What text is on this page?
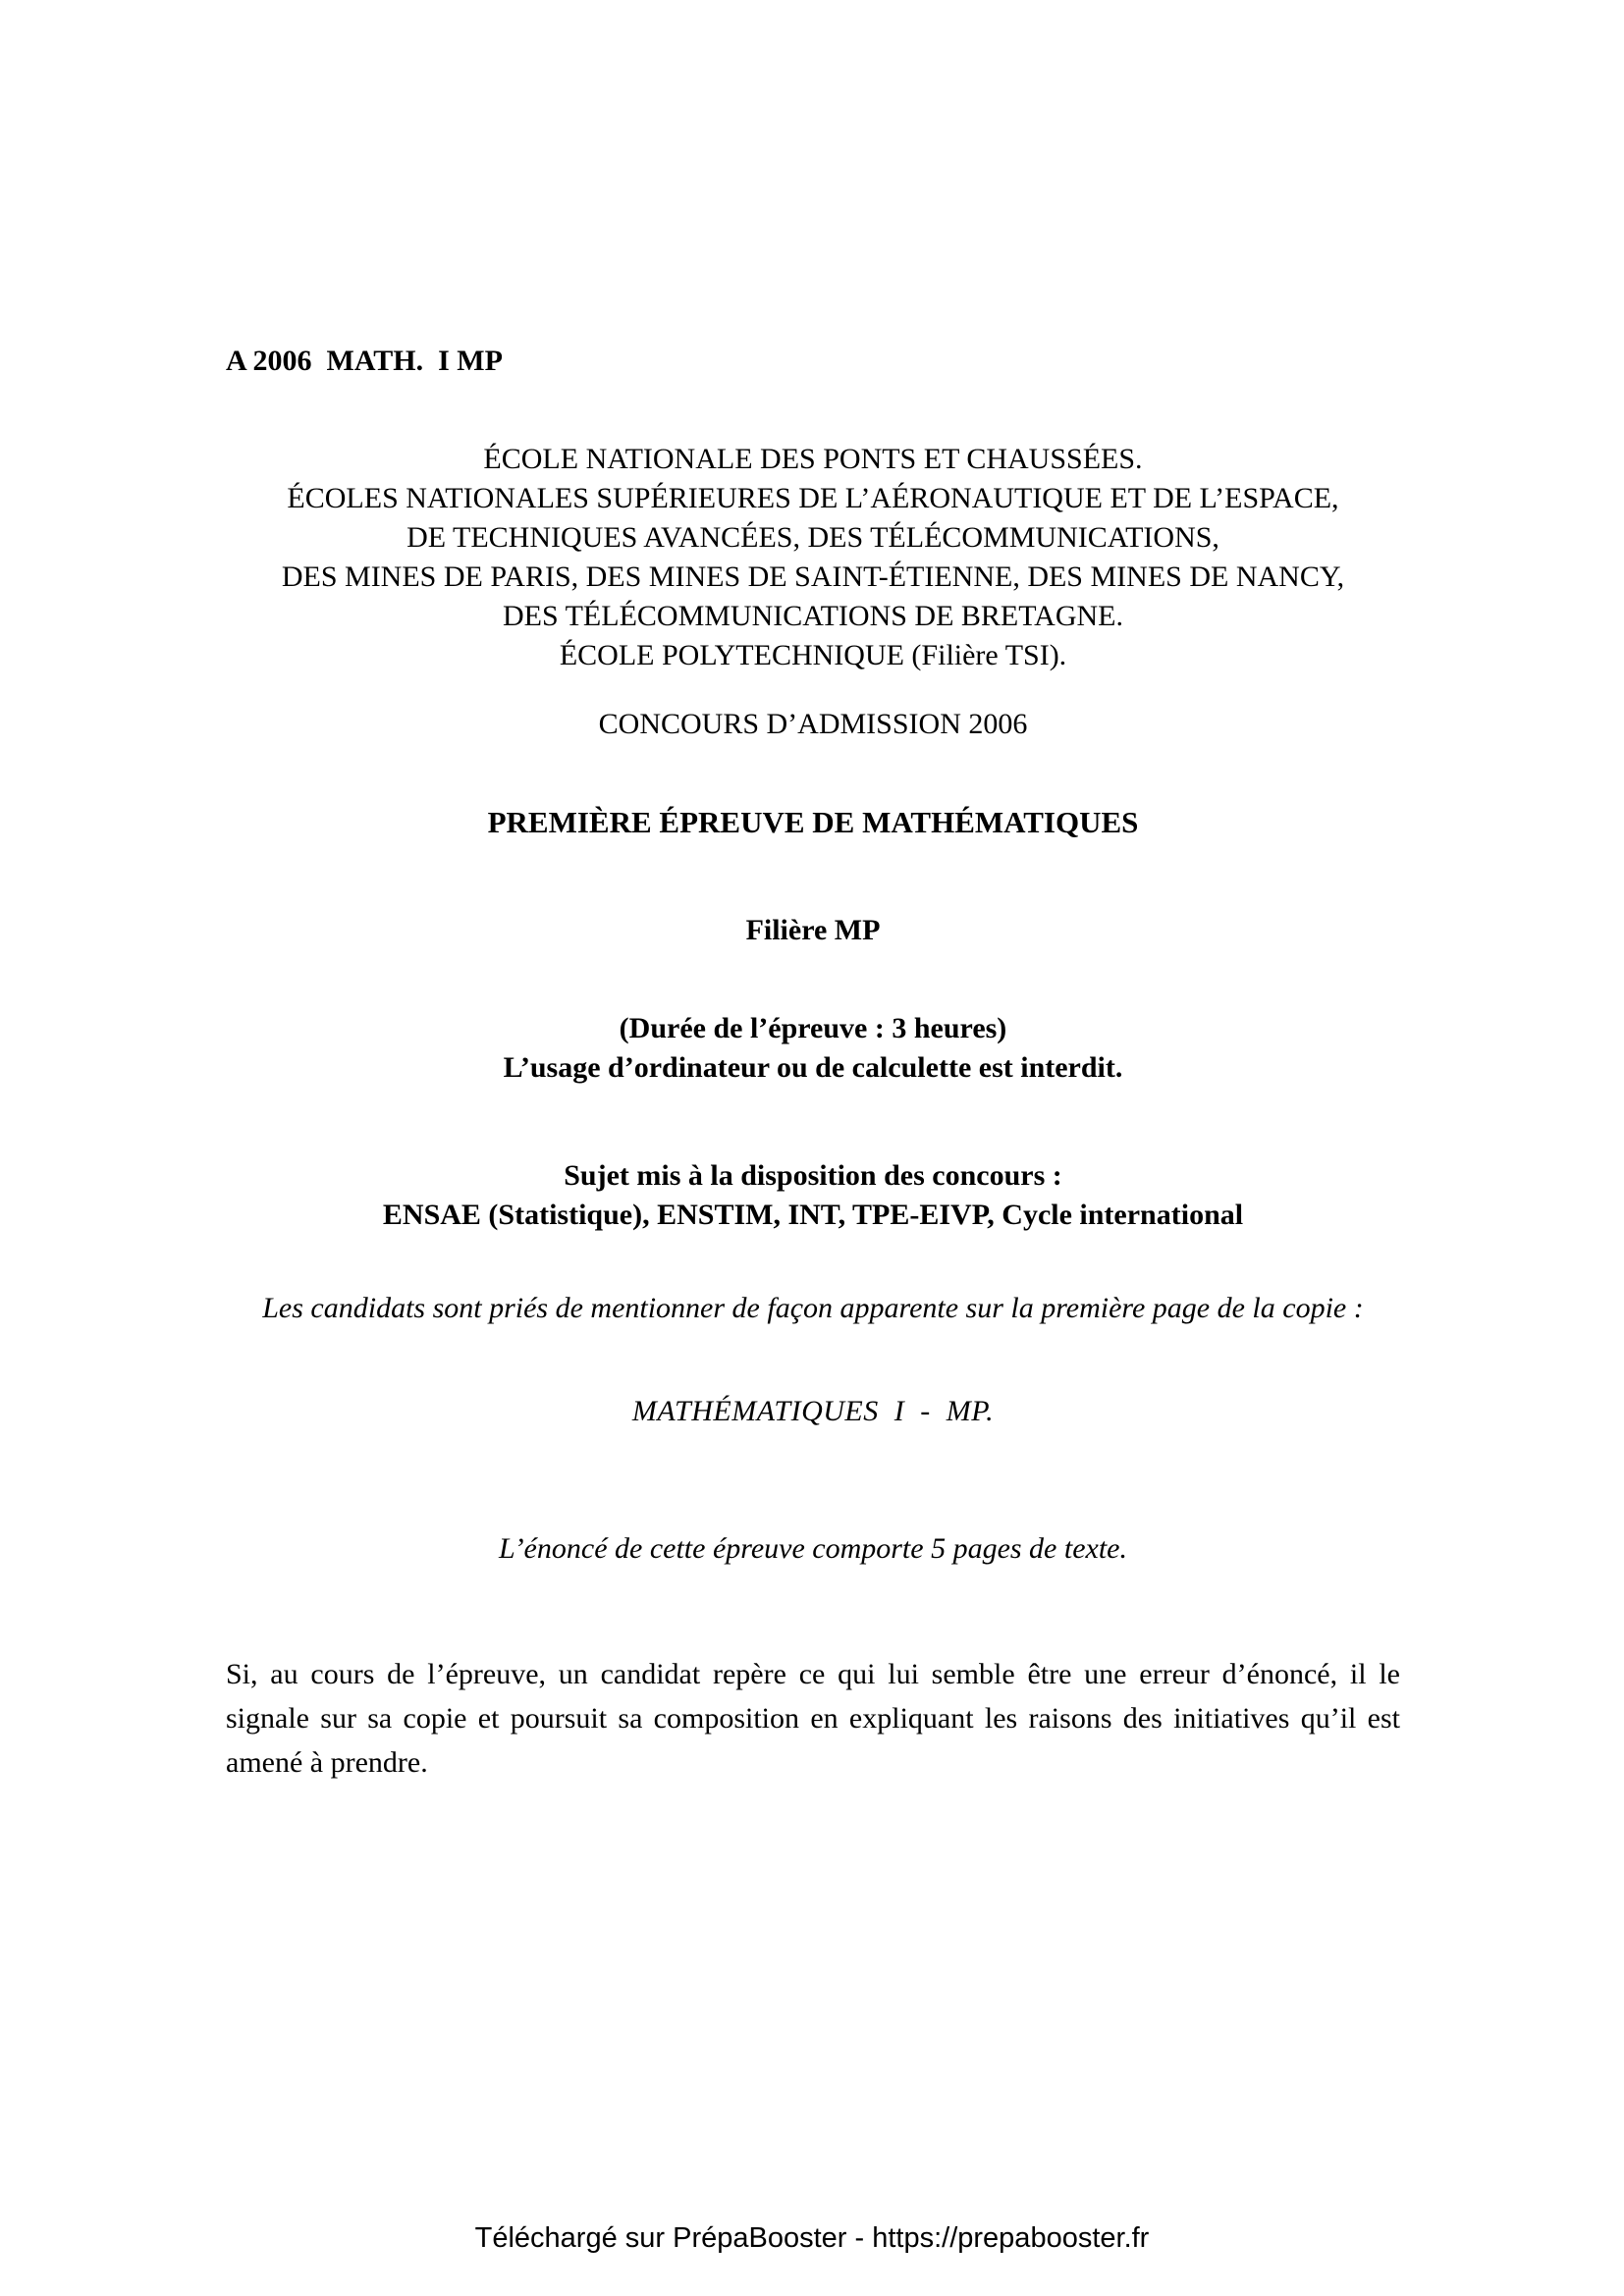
A 2006  MATH.  I MP
ÉCOLE NATIONALE DES PONTS ET CHAUSSÉES.
ÉCOLES NATIONALES SUPÉRIEURES DE L’AÉRONAUTIQUE ET DE L’ESPACE,
DE TECHNIQUES AVANCÉES, DES TÉLÉCOMMUNICATIONS,
DES MINES DE PARIS, DES MINES DE SAINT-ÉTIENNE, DES MINES DE NANCY,
DES TÉLÉCOMMUNICATIONS DE BRETAGNE.
ÉCOLE POLYTECHNIQUE (Filière TSI).
CONCOURS D’ADMISSION 2006
PREMIÈRE ÉPREUVE DE MATHÉMATIQUES
Filière MP
(Durée de l’épreuve : 3 heures)
L’usage d’ordinateur ou de calculette est interdit.
Sujet mis à la disposition des concours :
ENSAE (Statistique), ENSTIM, INT, TPE-EIVP, Cycle international
Les candidats sont priés de mentionner de façon apparente sur la première page de la copie :
MATHÉMATIQUES  I  -  MP.
L’énoncé de cette épreuve comporte 5 pages de texte.
Si, au cours de l’épreuve, un candidat repère ce qui lui semble être une erreur d’énoncé, il le signale sur sa copie et poursuit sa composition en expliquant les raisons des initiatives qu’il est amené à prendre.
Téléchargé sur PrépaBooster - https://prepabooster.fr
